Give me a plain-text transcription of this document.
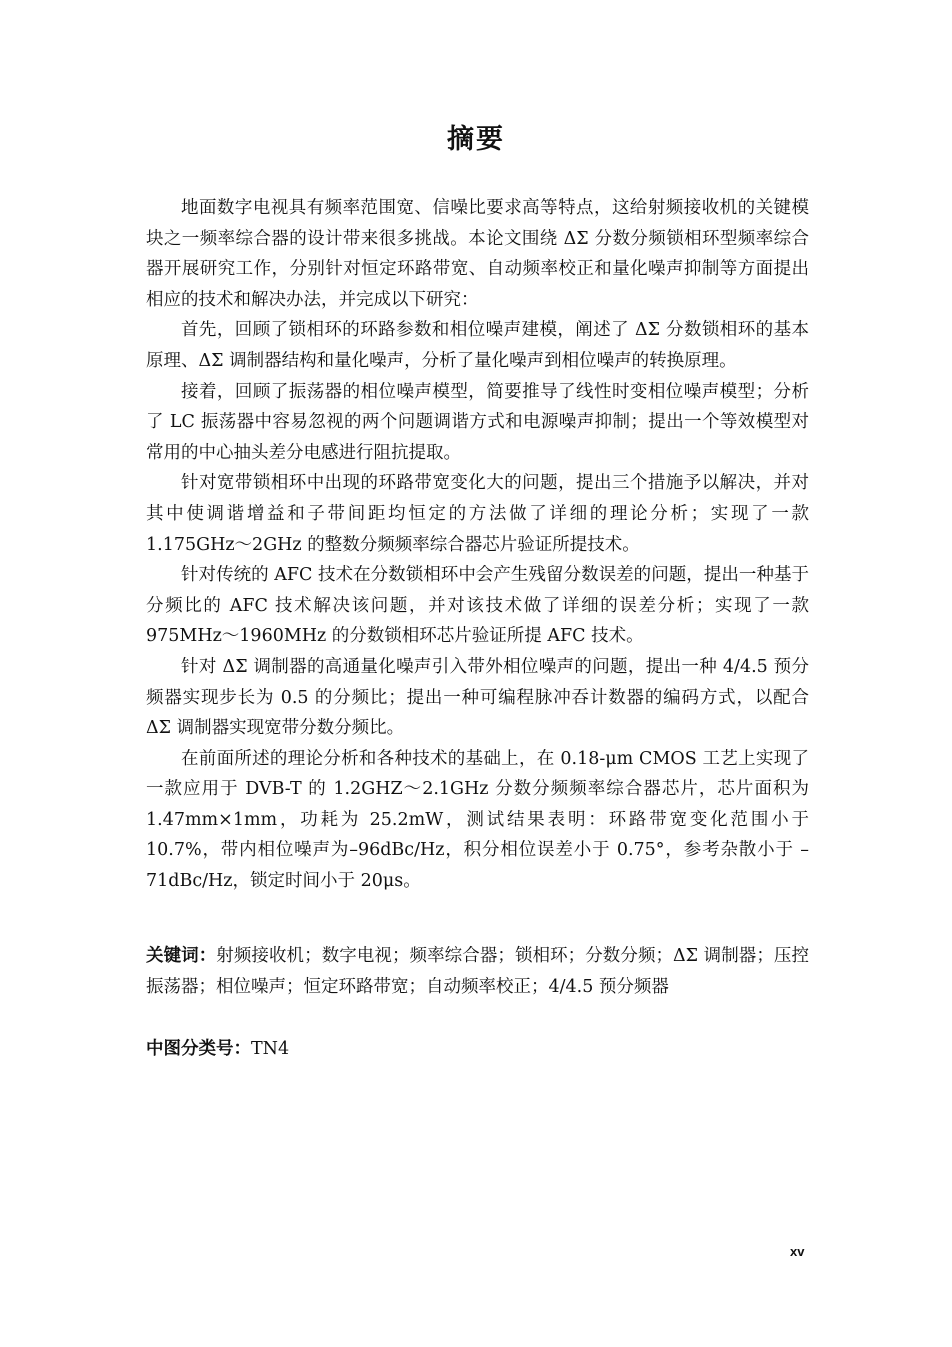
摘要

地面数字电视具有频率范围宽、信噪比要求高等特点，这给射频接收机的关键模块之一频率综合器的设计带来很多挑战。本论文围绕 ΔΣ 分数分频锁相环型频率综合器开展研究工作，分别针对恒定环路带宽、自动频率校正和量化噪声抑制等方面提出相应的技术和解决办法，并完成以下研究：

首先，回顾了锁相环的环路参数和相位噪声建模，阐述了 ΔΣ 分数锁相环的基本原理、ΔΣ 调制器结构和量化噪声，分析了量化噪声到相位噪声的转换原理。

接着，回顾了振荡器的相位噪声模型，简要推导了线性时变相位噪声模型；分析了 LC 振荡器中容易忽视的两个问题调谐方式和电源噪声抑制；提出一个等效模型对常用的中心抽头差分电感进行阻抗提取。

针对宽带锁相环中出现的环路带宽变化大的问题，提出三个措施予以解决，并对其中使调谐增益和子带间距均恒定的方法做了详细的理论分析；实现了一款 1.175GHz～2GHz 的整数分频频率综合器芯片验证所提技术。

针对传统的 AFC 技术在分数锁相环中会产生残留分数误差的问题，提出一种基于分频比的 AFC 技术解决该问题，并对该技术做了详细的误差分析；实现了一款 975MHz～1960MHz 的分数锁相环芯片验证所提 AFC 技术。

针对 ΔΣ 调制器的高通量化噪声引入带外相位噪声的问题，提出一种 4/4.5 预分频器实现步长为 0.5 的分频比；提出一种可编程脉冲吞计数器的编码方式，以配合 ΔΣ 调制器实现宽带分数分频比。

在前面所述的理论分析和各种技术的基础上，在 0.18-μm CMOS 工艺上实现了一款应用于 DVB-T 的 1.2GHZ～2.1GHz 分数分频频率综合器芯片，芯片面积为 1.47mm×1mm，功耗为 25.2mW，测试结果表明：环路带宽变化范围小于 10.7%，带内相位噪声为–96dBc/Hz，积分相位误差小于 0.75°，参考杂散小于 –71dBc/Hz，锁定时间小于 20μs。

关键词：射频接收机；数字电视；频率综合器；锁相环；分数分频；ΔΣ 调制器；压控振荡器；相位噪声；恒定环路带宽；自动频率校正；4/4.5 预分频器

中图分类号：TN4

xv
